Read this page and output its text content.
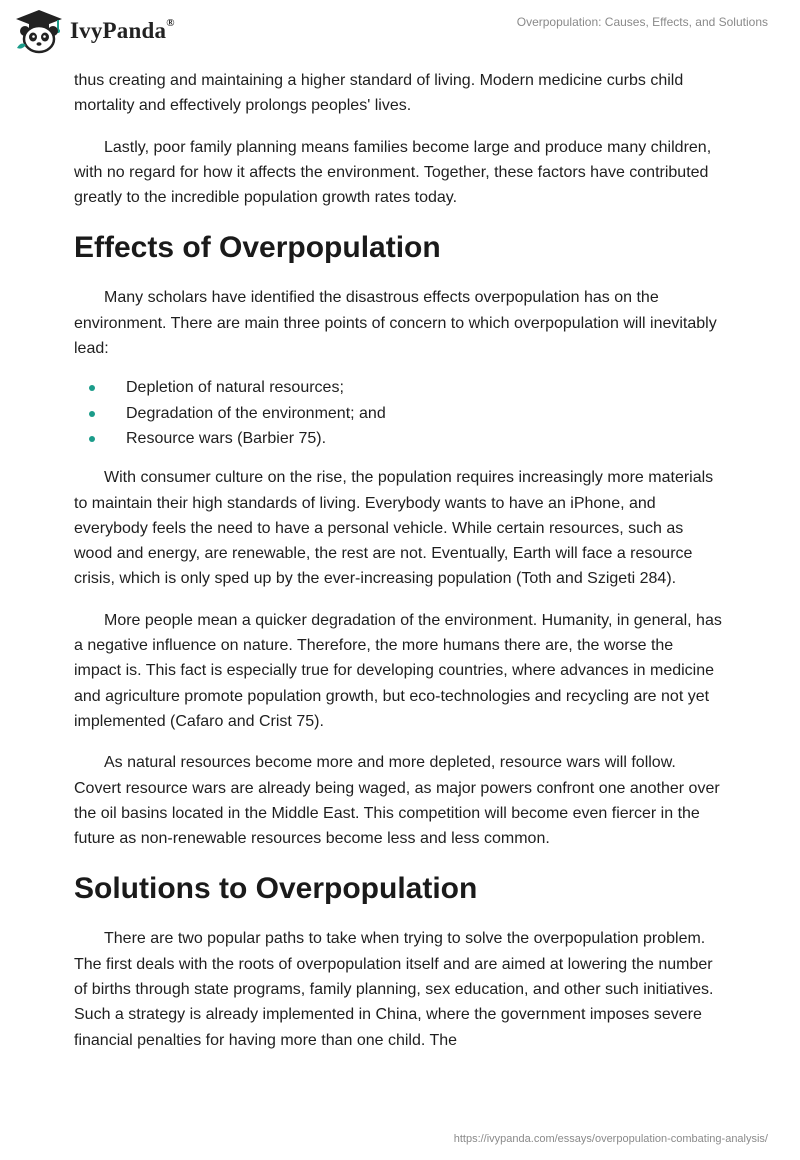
IvyPanda®	Overpopulation: Causes, Effects, and Solutions

thus creating and maintaining a higher standard of living. Modern medicine curbs child mortality and effectively prolongs peoples' lives.

Lastly, poor family planning means families become large and produce many children, with no regard for how it affects the environment. Together, these factors have contributed greatly to the incredible population growth rates today.

Effects of Overpopulation

Many scholars have identified the disastrous effects overpopulation has on the environment. There are main three points of concern to which overpopulation will inevitably lead:

Depletion of natural resources;
Degradation of the environment; and
Resource wars (Barbier 75).

With consumer culture on the rise, the population requires increasingly more materials to maintain their high standards of living. Everybody wants to have an iPhone, and everybody feels the need to have a personal vehicle. While certain resources, such as wood and energy, are renewable, the rest are not. Eventually, Earth will face a resource crisis, which is only sped up by the ever-increasing population (Toth and Szigeti 284).

More people mean a quicker degradation of the environment. Humanity, in general, has a negative influence on nature. Therefore, the more humans there are, the worse the impact is. This fact is especially true for developing countries, where advances in medicine and agriculture promote population growth, but eco-technologies and recycling are not yet implemented (Cafaro and Crist 75).

As natural resources become more and more depleted, resource wars will follow. Covert resource wars are already being waged, as major powers confront one another over the oil basins located in the Middle East. This competition will become even fiercer in the future as non-renewable resources become less and less common.

Solutions to Overpopulation

There are two popular paths to take when trying to solve the overpopulation problem. The first deals with the roots of overpopulation itself and are aimed at lowering the number of births through state programs, family planning, sex education, and other such initiatives. Such a strategy is already implemented in China, where the government imposes severe financial penalties for having more than one child. The

https://ivypanda.com/essays/overpopulation-combating-analysis/
